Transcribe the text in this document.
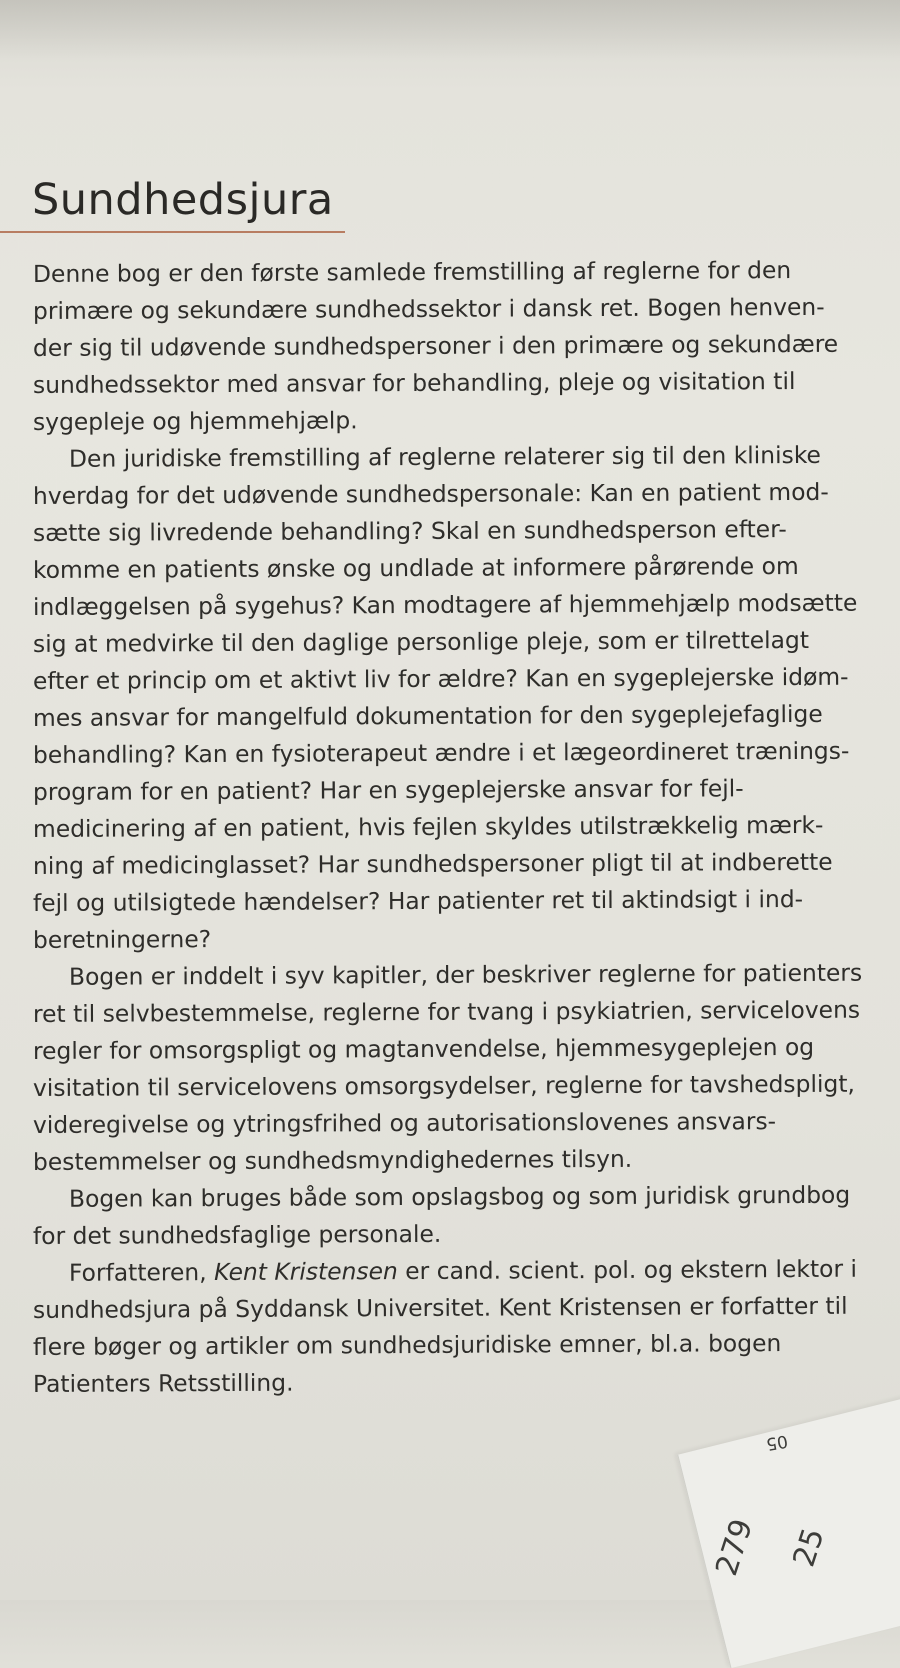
Sundhedsjura
Denne bog er den første samlede fremstilling af reglerne for den
primære og sekundære sundhedssektor i dansk ret. Bogen henven-
der sig til udøvende sundhedspersoner i den primære og sekundære
sundhedssektor med ansvar for behandling, pleje og visitation til
sygepleje og hjemmehjælp.
Den juridiske fremstilling af reglerne relaterer sig til den kliniske
hverdag for det udøvende sundhedspersonale: Kan en patient mod-
sætte sig livredende behandling? Skal en sundhedsperson efter-
komme en patients ønske og undlade at informere pårørende om
indlæggelsen på sygehus? Kan modtagere af hjemmehjælp modsætte
sig at medvirke til den daglige personlige pleje, som er tilrettelagt
efter et princip om et aktivt liv for ældre? Kan en sygeplejerske idøm-
mes ansvar for mangelfuld dokumentation for den sygeplejefaglige
behandling? Kan en fysioterapeut ændre i et lægeordineret trænings-
program for en patient? Har en sygeplejerske ansvar for fejl-
medicinering af en patient, hvis fejlen skyldes utilstrækkelig mærk-
ning af medicinglasset? Har sundhedspersoner pligt til at indberette
fejl og utilsigtede hændelser? Har patienter ret til aktindsigt i ind-
beretningerne?
Bogen er inddelt i syv kapitler, der beskriver reglerne for patienters
ret til selvbestemmelse, reglerne for tvang i psykiatrien, servicelovens
regler for omsorgspligt og magtanvendelse, hjemmesygeplejen og
visitation til servicelovens omsorgsydelser, reglerne for tavshedspligt,
videregivelse og ytringsfrihed og autorisationslovenes ansvars-
bestemmelser og sundhedsmyndighedernes tilsyn.
Bogen kan bruges både som opslagsbog og som juridisk grundbog
for det sundhedsfaglige personale.
Forfatteren, Kent Kristensen er cand. scient. pol. og ekstern lektor i
sundhedsjura på Syddansk Universitet. Kent Kristensen er forfatter til
flere bøger og artikler om sundhedsjuridiske emner, bl.a. bogen
Patienters Retsstilling.
05
279 25
